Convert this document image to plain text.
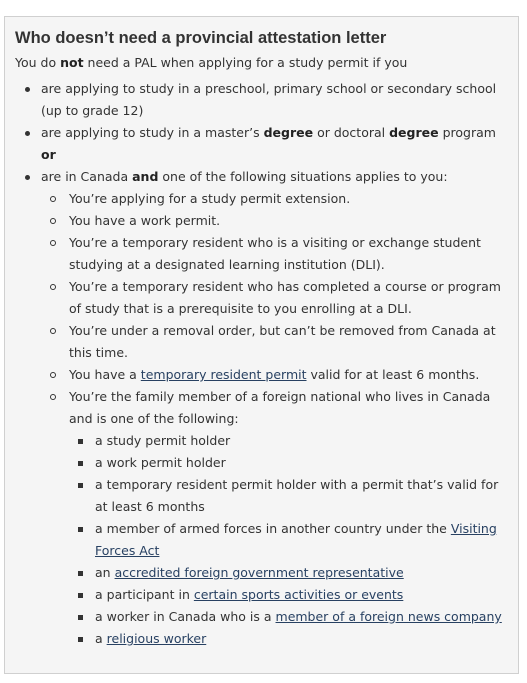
Who doesn’t need a provincial attestation letter

You do not need a PAL when applying for a study permit if you

are applying to study in a preschool, primary school or secondary school (up to grade 12)
are applying to study in a master’s degree or doctoral degree program
or
are in Canada and one of the following situations applies to you:
You’re applying for a study permit extension.
You have a work permit.
You’re a temporary resident who is a visiting or exchange student studying at a designated learning institution (DLI).
You’re a temporary resident who has completed a course or program of study that is a prerequisite to you enrolling at a DLI.
You’re under a removal order, but can’t be removed from Canada at this time.
You have a temporary resident permit valid for at least 6 months.
You’re the family member of a foreign national who lives in Canada and is one of the following:
a study permit holder
a work permit holder
a temporary resident permit holder with a permit that’s valid for at least 6 months
a member of armed forces in another country under the Visiting Forces Act
an accredited foreign government representative
a participant in certain sports activities or events
a worker in Canada who is a member of a foreign news company
a religious worker
